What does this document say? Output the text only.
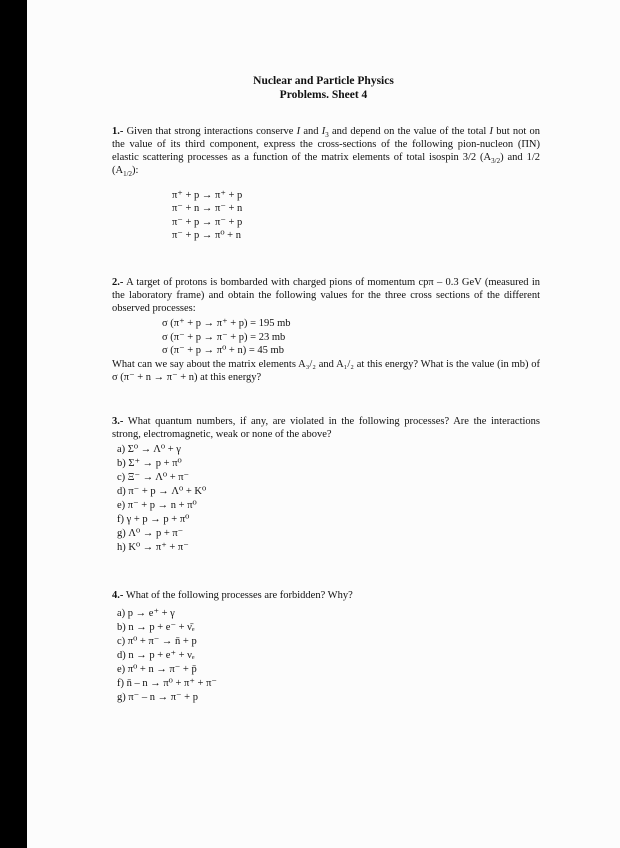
Nuclear and Particle Physics
Problems. Sheet 4

1.- Given that strong interactions conserve I and $I_3$ and depend on the value of the total I but not on the value of its third component, express the cross-sections of the following pion-nucleon (ΠN) elastic scattering processes as a function of the matrix elements of total isospin 3/2 $(A_{3/2})$ and 1/2 $(A_{1/2})$:

π⁺ + p → π⁺ + p
π⁻ + n → π⁻ + n
π⁻ + p → π⁻ + p
π⁻ + p → π⁰ + n

2.- A target of protons is bombarded with charged pions of momentum cpπ – 0.3 GeV (measured in the laboratory frame) and obtain the following values for the three cross sections of the different observed processes:

σ (π⁺ + p → π⁺ + p) = 195 mb
σ (π⁻ + p → π⁻ + p) = 23 mb
σ (π⁻ + p → π⁰ + n) = 45 mb

What can we say about the matrix elements A₃/₂ and A₁/₂ at this energy? What is the value (in mb) of σ (π⁻ + n → π⁻ + n) at this energy?

3.- What quantum numbers, if any, are violated in the following processes? Are the interactions strong, electromagnetic, weak or none of the above?

a) Σ⁰ → Λ⁰ + γ
b) Σ⁺ → p + π⁰
c) Ξ⁻ → Λ⁰ + π⁻
d) π⁻ + p → Λ⁰ + K⁰
e) π⁻ + p → n + π⁰
f) γ + p → p + π⁰
g) Λ⁰ → p + π⁻
h) K⁰ → π⁺ + π⁻

4.- What of the following processes are forbidden? Why?

a) p → e⁺ + γ
b) n → p + e⁻ + ν̄ₑ
c) π⁰ + π⁻ → n̄ + p
d) n → p + e⁺ + νₑ
e) π⁰ + n → π⁻ + p̄
f) n̄ – n → π⁰ + π⁺ + π⁻
g) π⁻ – n → π⁻ + p
